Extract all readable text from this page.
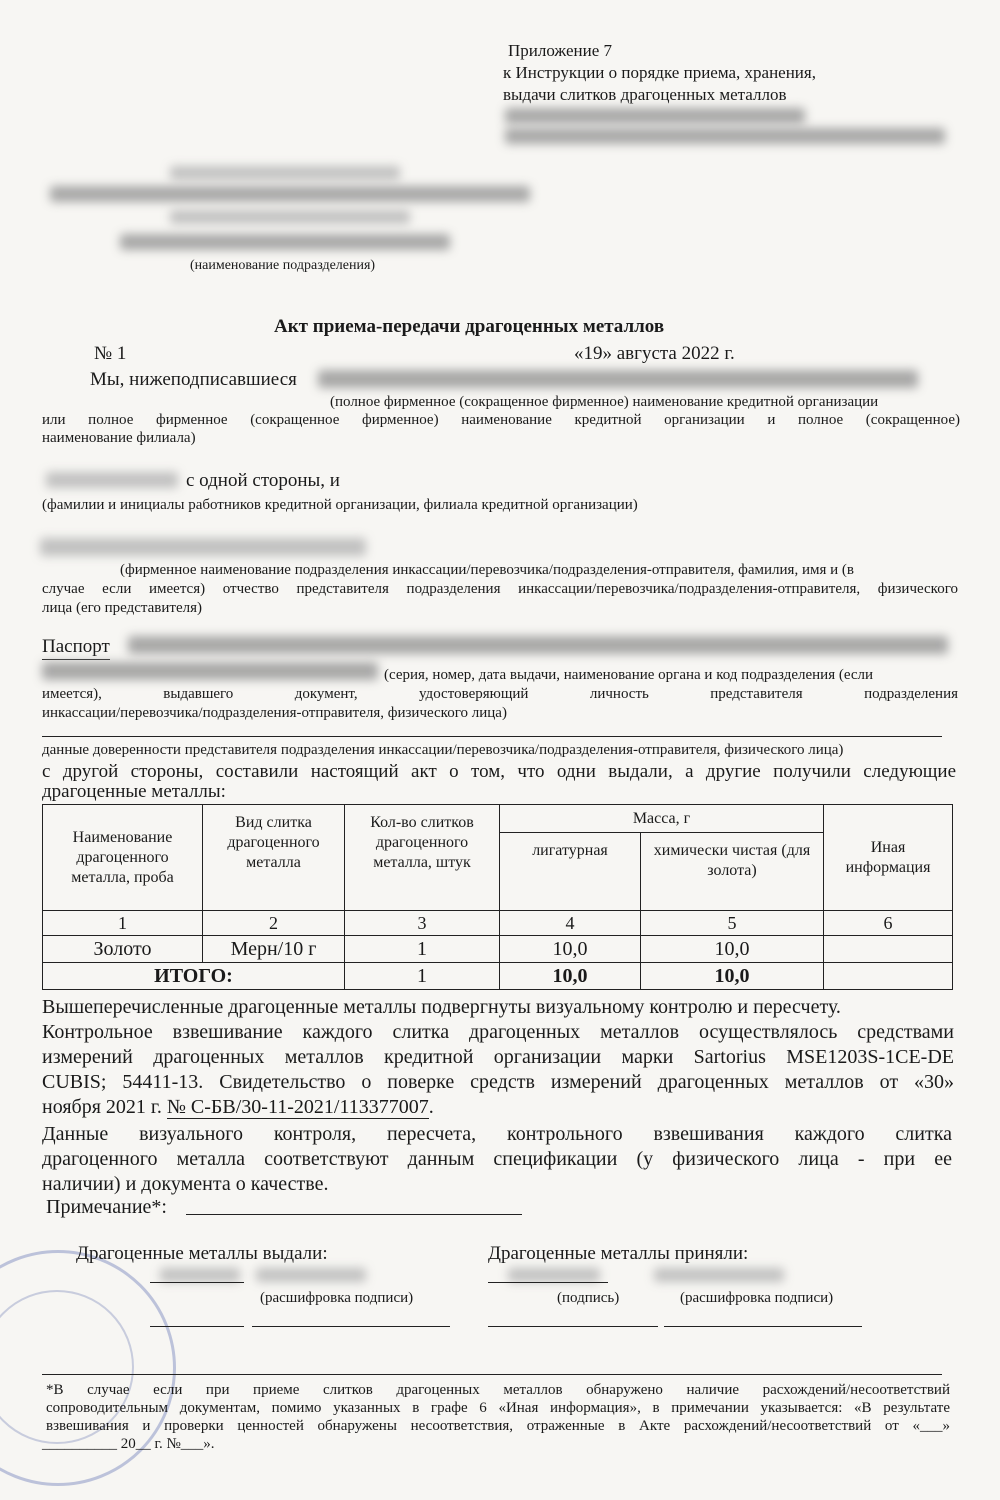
Приложение 7
к Инструкции о порядке приема, хранения,
выдачи слитков драгоценных металлов
(наименование подразделения)
Акт приема-передачи драгоценных металлов
№ 1	«19» августа 2022 г.
Мы, нижеподписавшиеся
(полное фирменное (сокращенное фирменное) наименование кредитной организации
или полное фирменное (сокращенное фирменное) наименование кредитной организации и полное (сокращенное)
наименование филиала)
с одной стороны, и
(фамилии и инициалы работников кредитной организации, филиала кредитной организации)
(фирменное наименование подразделения инкассации/перевозчика/подразделения-отправителя, фамилия, имя и (в
случае если имеется) отчество представителя подразделения инкассации/перевозчика/подразделения-отправителя, физического
лица (его представителя)
Паспорт
(серия, номер, дата выдачи, наименование органа и код подразделения (если
имеется), выдавшего документ, удостоверяющий личность представителя подразделения
инкассации/перевозчика/подразделения-отправителя, физического лица)
данные доверенности представителя подразделения инкассации/перевозчика/подразделения-отправителя, физического лица)
с другой стороны, составили настоящий акт о том, что одни выдали, а другие получили следующие
драгоценные металлы:
Наименование драгоценного металла, проба	Вид слитка драгоценного металла	Кол-во слитков драгоценного металла, штук	Масса, г		Иная информация
			лигатурная	химически чистая (для золота)	
1	2	3	4	5	6
Золото	Мерн/10 г	1	10,0	10,0	
ИТОГО:		1	10,0	10,0	
Вышеперечисленные драгоценные металлы подвергнуты визуальному контролю и пересчету.
Контрольное взвешивание каждого слитка драгоценных металлов осуществлялось средствами
измерений драгоценных металлов кредитной организации марки Sartorius MSE1203S-1CE-DE
CUBIS; 54411-13. Свидетельство о поверке средств измерений драгоценных металлов от «30»
ноября 2021 г. № С-БВ/30-11-2021/113377007.
Данные визуального контроля, пересчета, контрольного взвешивания каждого слитка
драгоценного металла соответствуют данным спецификации (у физического лица - при ее
наличии) и документа о качестве.
Примечание*:
Драгоценные металлы выдали:	Драгоценные металлы приняли:
(расшифровка подписи)	(подпись)	(расшифровка подписи)
*В случае если при приеме слитков драгоценных металлов обнаружено наличие расхождений/несоответствий
сопроводительным документам, помимо указанных в графе 6 «Иная информация», в примечании указывается: «В результате
взвешивания и проверки ценностей обнаружены несоответствия, отраженные в Акте расхождений/несоответствий от «___»
__________ 20__ г. №___».
